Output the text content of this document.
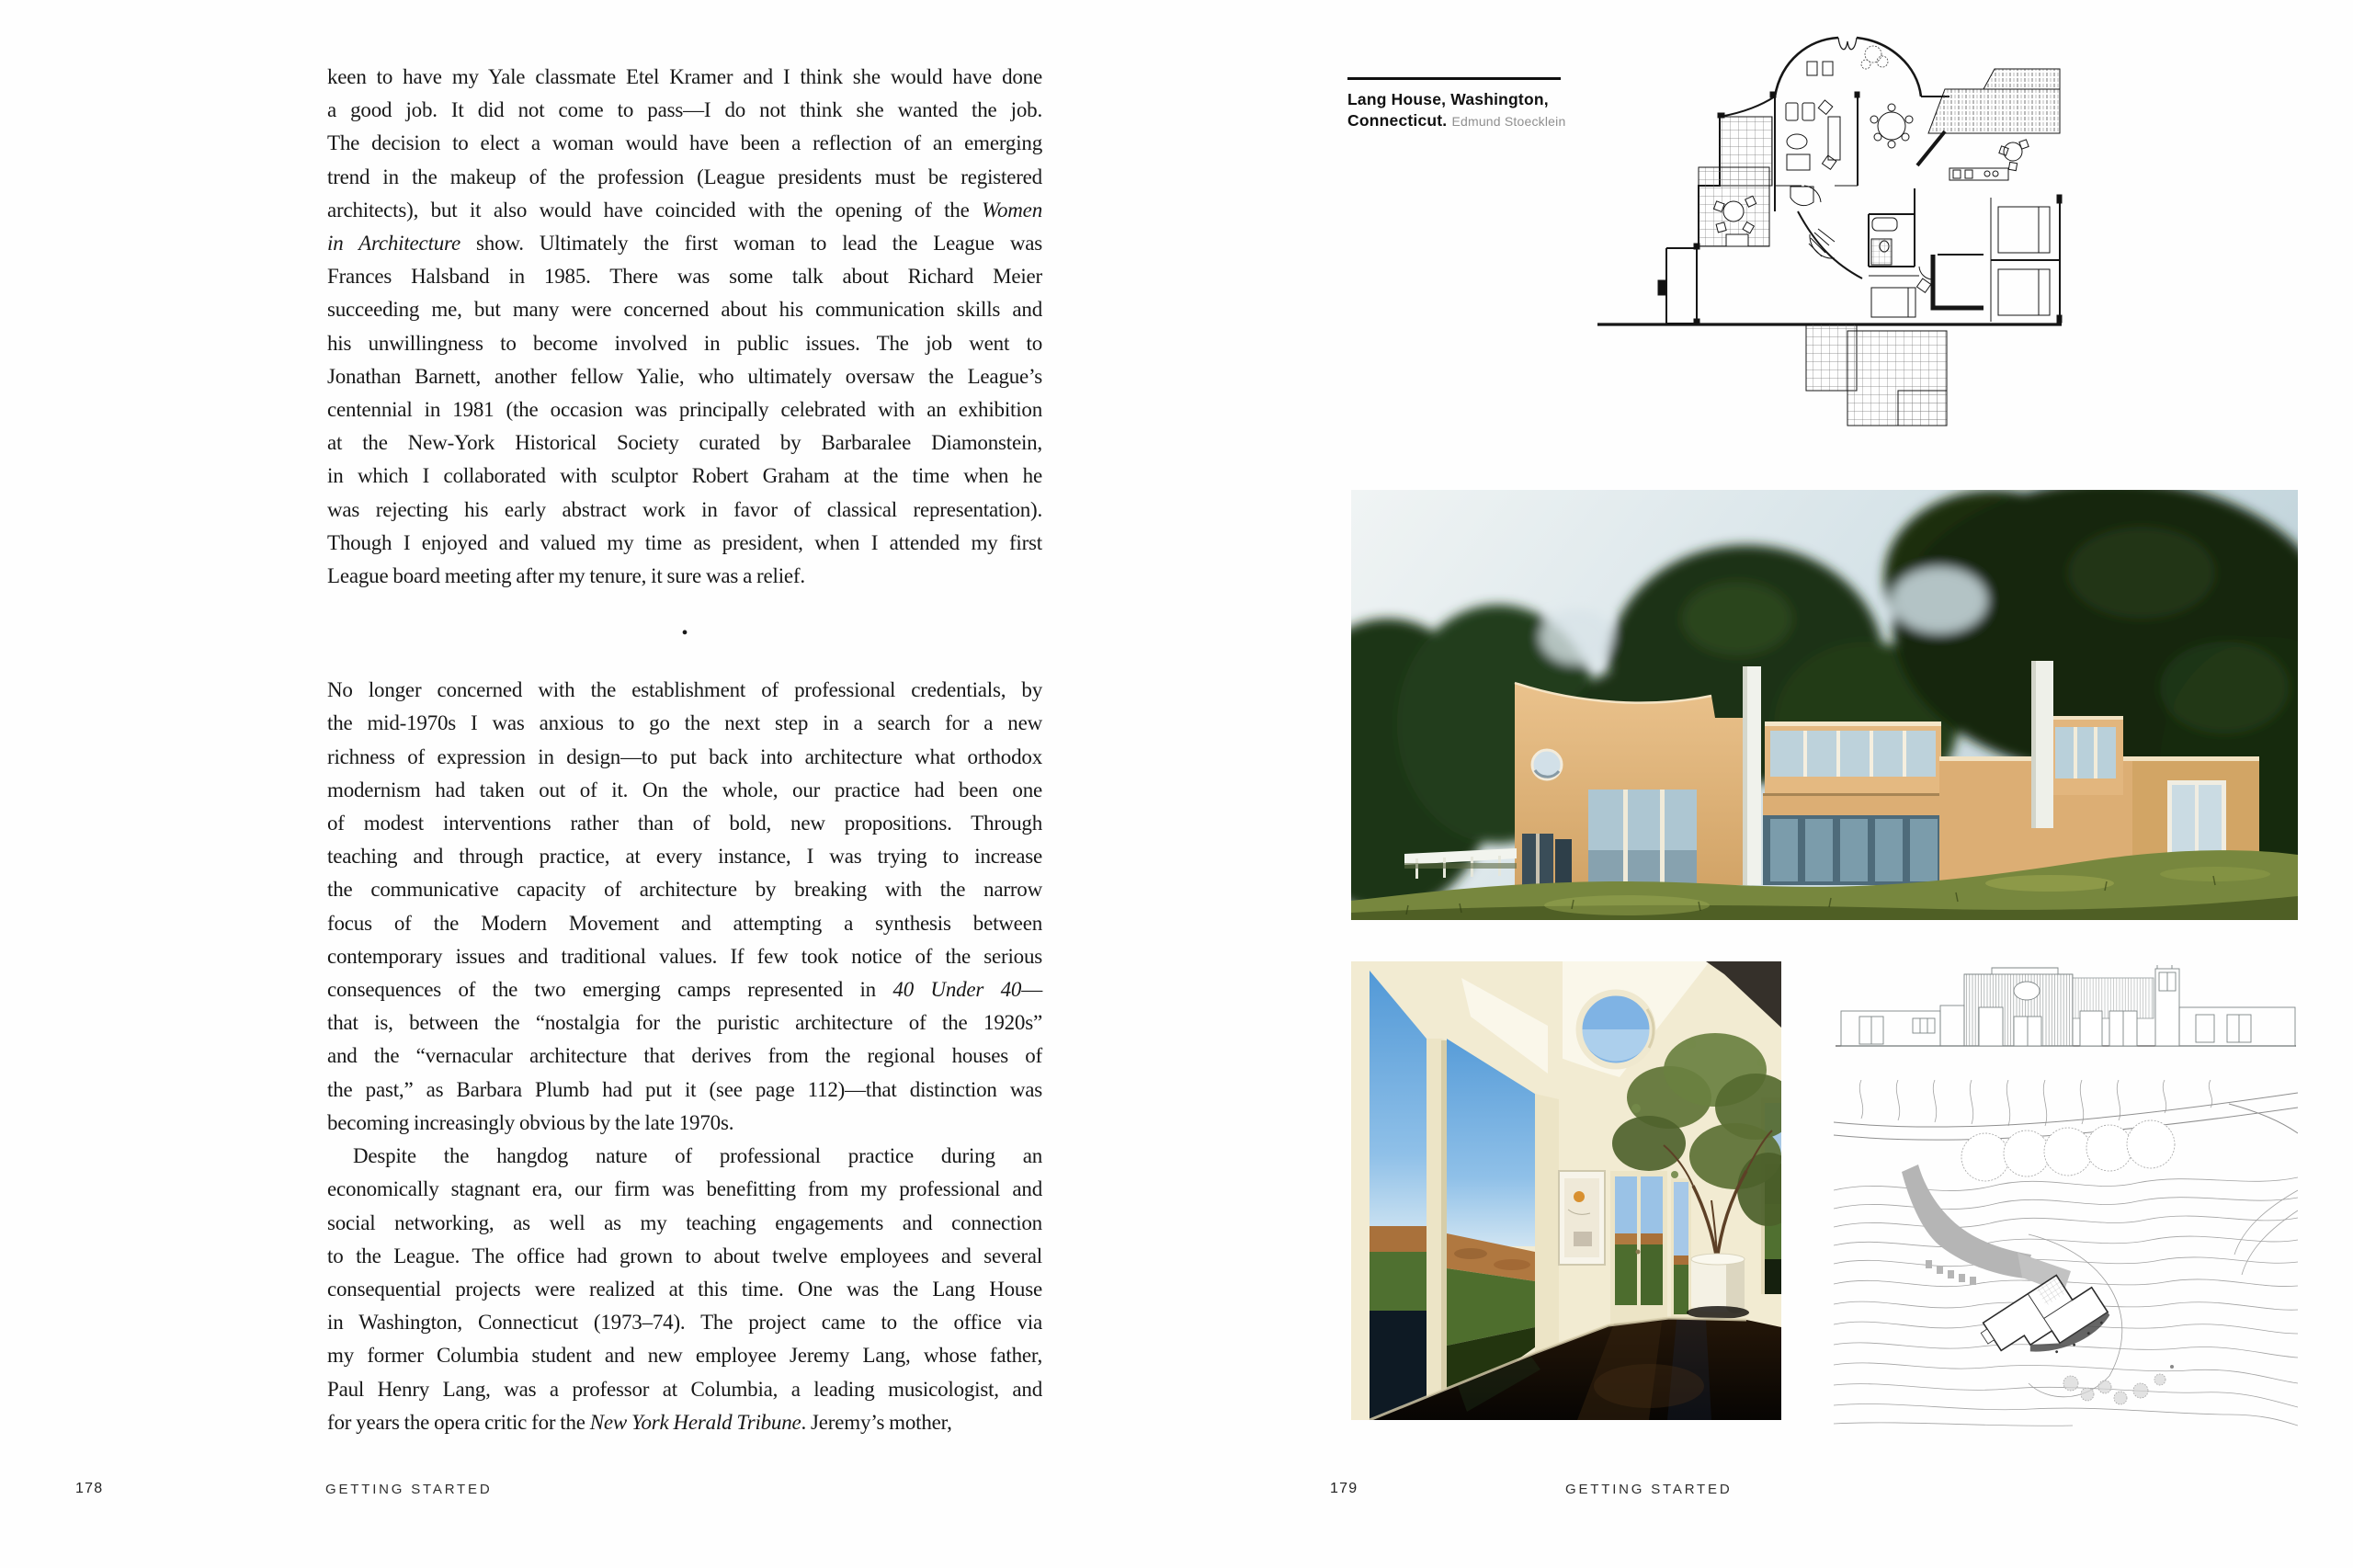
keen to have my Yale classmate Etel Kramer and I think she would have done
a good job. It did not come to pass—I do not think she wanted the job.
The decision to elect a woman would have been a reflection of an emerging
trend in the makeup of the profession (League presidents must be registered
architects), but it also would have coincided with the opening of the Women
in Architecture show. Ultimately the first woman to lead the League was
Frances Halsband in 1985. There was some talk about Richard Meier
succeeding me, but many were concerned about his communication skills and
his unwillingness to become involved in public issues. The job went to
Jonathan Barnett, another fellow Yalie, who ultimately oversaw the League’s
centennial in 1981 (the occasion was principally celebrated with an exhibition
at the New-York Historical Society curated by Barbaralee Diamonstein,
in which I collaborated with sculptor Robert Graham at the time when he
was rejecting his early abstract work in favor of classical representation).
Though I enjoyed and valued my time as president, when I attended my first
League board meeting after my tenure, it sure was a relief.

•

No longer concerned with the establishment of professional credentials, by
the mid-1970s I was anxious to go the next step in a search for a new
richness of expression in design—to put back into architecture what orthodox
modernism had taken out of it. On the whole, our practice had been one
of modest interventions rather than of bold, new propositions. Through
teaching and through practice, at every instance, I was trying to increase
the communicative capacity of architecture by breaking with the narrow
focus of the Modern Movement and attempting a synthesis between
contemporary issues and traditional values. If few took notice of the serious
consequences of the two emerging camps represented in 40 Under 40—
that is, between the “nostalgia for the puristic architecture of the 1920s”
and the “vernacular architecture that derives from the regional houses of
the past,” as Barbara Plumb had put it (see page 112)—that distinction was
becoming increasingly obvious by the late 1970s.

Despite the hangdog nature of professional practice during an
economically stagnant era, our firm was benefitting from my professional and
social networking, as well as my teaching engagements and connection
to the League. The office had grown to about twelve employees and several
consequential projects were realized at this time. One was the Lang House
in Washington, Connecticut (1973–74). The project came to the office via
my former Columbia student and new employee Jeremy Lang, whose father,
Paul Henry Lang, was a professor at Columbia, a leading musicologist, and
for years the opera critic for the New York Herald Tribune. Jeremy’s mother,

178	GETTING STARTED

Lang House, Washington, Connecticut. Edmund Stoecklein

179	GETTING STARTED
